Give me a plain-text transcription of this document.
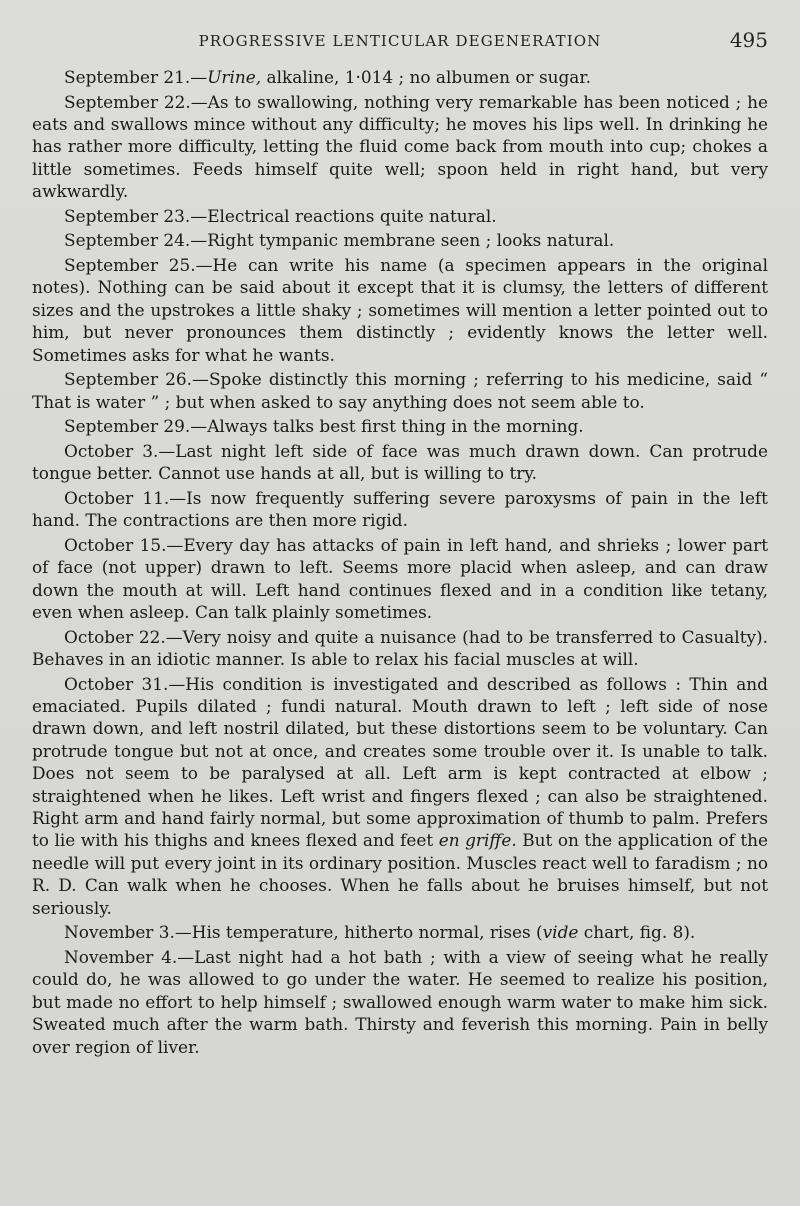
PROGRESSIVE LENTICULAR DEGENERATION	495

September 21.—Urine, alkaline, 1·014 ; no albumen or sugar.

September 22.—As to swallowing, nothing very remarkable has been noticed ; he eats and swallows mince without any difficulty; he moves his lips well. In drinking he has rather more difficulty, letting the fluid come back from mouth into cup; chokes a little sometimes. Feeds himself quite well; spoon held in right hand, but very awkwardly.

September 23.—Electrical reactions quite natural.

September 24.—Right tympanic membrane seen ; looks natural.

September 25.—He can write his name (a specimen appears in the original notes). Nothing can be said about it except that it is clumsy, the letters of different sizes and the upstrokes a little shaky ; sometimes will mention a letter pointed out to him, but never pronounces them distinctly ; evidently knows the letter well. Sometimes asks for what he wants.

September 26.—Spoke distinctly this morning ; referring to his medicine, said “ That is water ” ; but when asked to say anything does not seem able to.

September 29.—Always talks best first thing in the morning.

October 3.—Last night left side of face was much drawn down. Can protrude tongue better. Cannot use hands at all, but is willing to try.

October 11.—Is now frequently suffering severe paroxysms of pain in the left hand. The contractions are then more rigid.

October 15.—Every day has attacks of pain in left hand, and shrieks ; lower part of face (not upper) drawn to left. Seems more placid when asleep, and can draw down the mouth at will. Left hand continues flexed and in a condition like tetany, even when asleep. Can talk plainly sometimes.

October 22.—Very noisy and quite a nuisance (had to be transferred to Casualty). Behaves in an idiotic manner. Is able to relax his facial muscles at will.

October 31.—His condition is investigated and described as follows : Thin and emaciated. Pupils dilated ; fundi natural. Mouth drawn to left ; left side of nose drawn down, and left nostril dilated, but these distortions seem to be voluntary. Can protrude tongue but not at once, and creates some trouble over it. Is unable to talk. Does not seem to be paralysed at all. Left arm is kept contracted at elbow ; straightened when he likes. Left wrist and fingers flexed ; can also be straightened. Right arm and hand fairly normal, but some approximation of thumb to palm. Prefers to lie with his thighs and knees flexed and feet en griffe. But on the application of the needle will put every joint in its ordinary position. Muscles react well to faradism ; no R. D. Can walk when he chooses. When he falls about he bruises himself, but not seriously.

November 3.—His temperature, hitherto normal, rises (vide chart, fig. 8).

November 4.—Last night had a hot bath ; with a view of seeing what he really could do, he was allowed to go under the water. He seemed to realize his position, but made no effort to help himself ; swallowed enough warm water to make him sick. Sweated much after the warm bath. Thirsty and feverish this morning. Pain in belly over region of liver.
